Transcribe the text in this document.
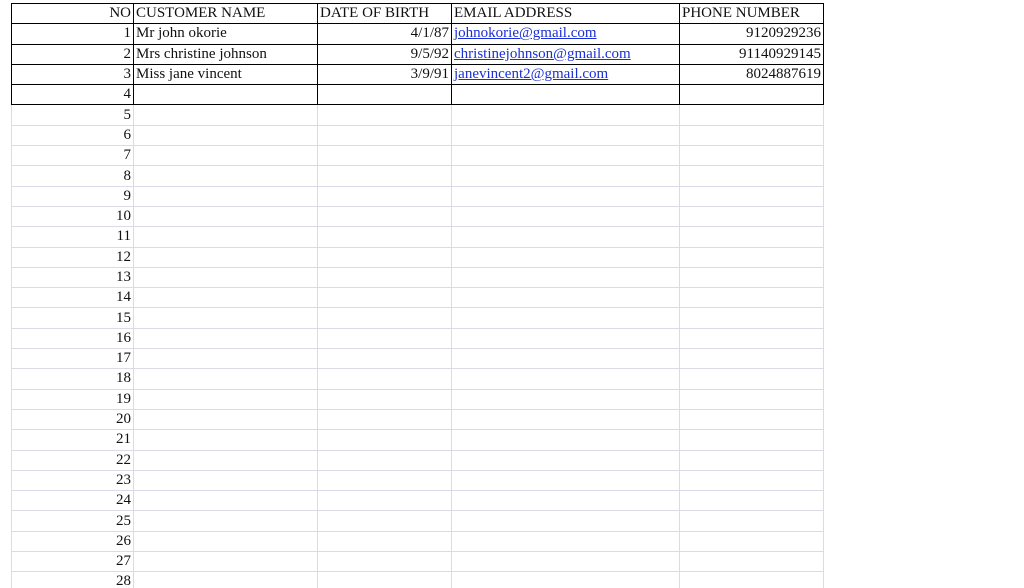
NO	CUSTOMER NAME	DATE OF BIRTH	EMAIL ADDRESS	PHONE NUMBER
1	Mr john okorie	4/1/87	johnokorie@gmail.com	9120929236
2	Mrs christine johnson	9/5/92	christinejohnson@gmail.com	91140929145
3	Miss jane vincent	3/9/91	janevincent2@gmail.com	8024887619
4				
5				
6				
7				
8				
9				
10				
11				
12				
13				
14				
15				
16				
17				
18				
19				
20				
21				
22				
23				
24				
25				
26				
27				
28				
